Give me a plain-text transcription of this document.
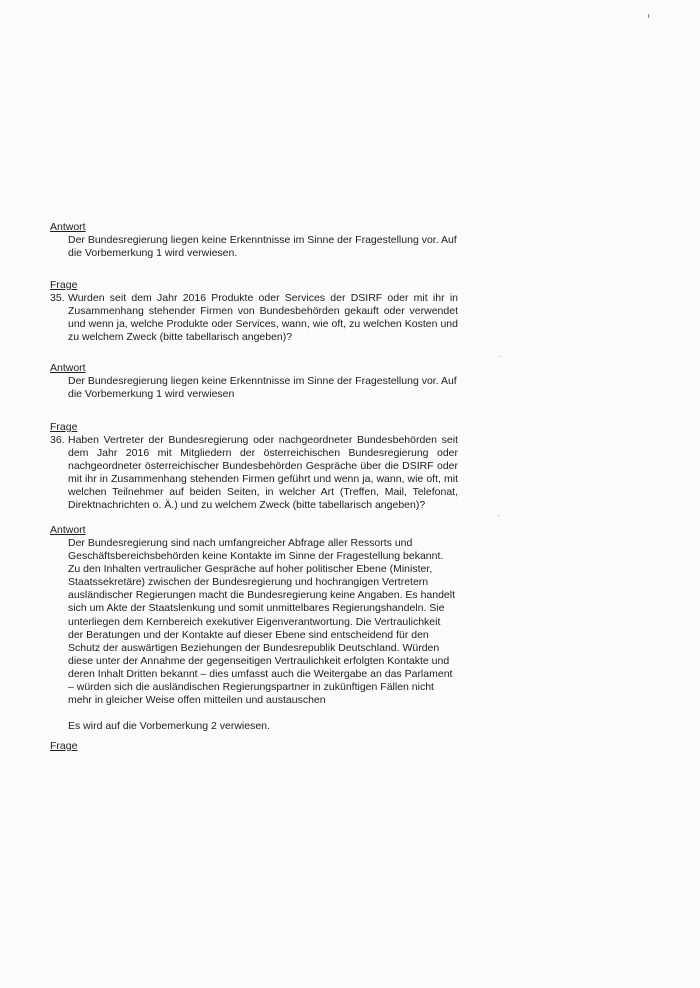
Antwort

Der Bundesregierung liegen keine Erkenntnisse im Sinne der Fragestellung vor. Auf die Vorbemerkung 1 wird verwiesen.

Frage
35. Wurden seit dem Jahr 2016 Produkte oder Services der DSIRF oder mit ihr in Zusammenhang stehender Firmen von Bundesbehörden gekauft oder verwendet und wenn ja, welche Produkte oder Services, wann, wie oft, zu welchen Kosten und zu welchem Zweck (bitte tabellarisch angeben)?
Antwort

Der Bundesregierung liegen keine Erkenntnisse im Sinne der Fragestellung vor. Auf die Vorbemerkung 1 wird verwiesen

Frage
36. Haben Vertreter der Bundesregierung oder nachgeordneter Bundesbehörden seit dem Jahr 2016 mit Mitgliedern der österreichischen Bundesregierung oder nachgeordneter österreichischer Bundesbehörden Gespräche über die DSIRF oder mit ihr in Zusammenhang stehenden Firmen geführt und wenn ja, wann, wie oft, mit welchen Teilnehmer auf beiden Seiten, in welcher Art (Treffen, Mail, Telefonat, Direktnachrichten o. Ä.) und zu welchem Zweck (bitte tabellarisch angeben)?
Antwort

Der Bundesregierung sind nach umfangreicher Abfrage aller Ressorts und Geschäftsbereichsbehörden keine Kontakte im Sinne der Fragestellung bekannt. Zu den Inhalten vertraulicher Gespräche auf hoher politischer Ebene (Minister, Staatssekretäre) zwischen der Bundesregierung und hochrangigen Vertretern ausländischer Regierungen macht die Bundesregierung keine Angaben. Es handelt sich um Akte der Staatslenkung und somit unmittelbares Regierungshandeln. Sie unterliegen dem Kernbereich exekutiver Eigenverantwortung. Die Vertraulichkeit der Beratungen und der Kontakte auf dieser Ebene sind entscheidend für den Schutz der auswärtigen Beziehungen der Bundesrepublik Deutschland. Würden diese unter der Annahme der gegenseitigen Vertraulichkeit erfolgten Kontakte und deren Inhalt Dritten bekannt – dies umfasst auch die Weitergabe an das Parlament – würden sich die ausländischen Regierungspartner in zukünftigen Fällen nicht mehr in gleicher Weise offen mitteilen und austauschen

Es wird auf die Vorbemerkung 2 verwiesen.

Frage
